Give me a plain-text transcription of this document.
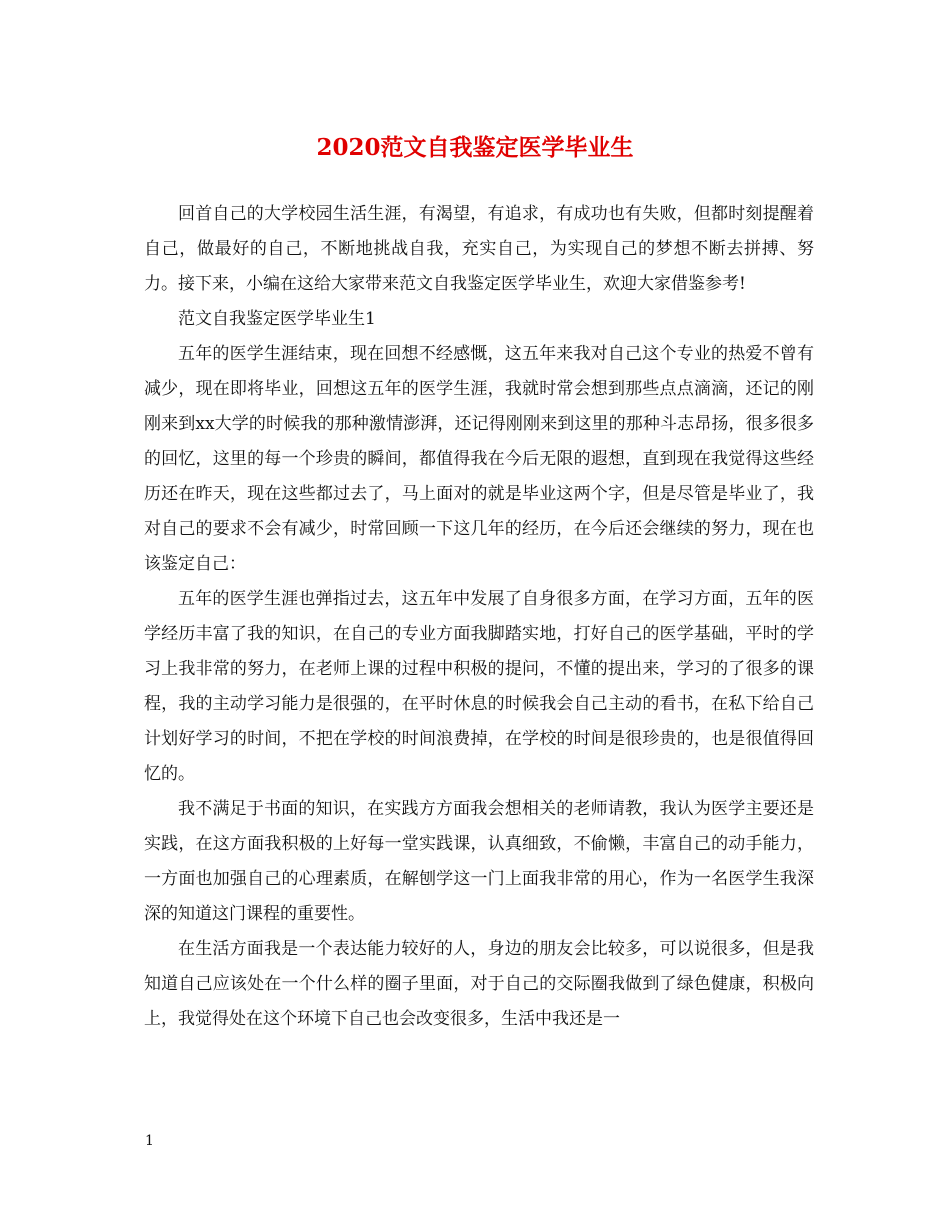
2020范文自我鉴定医学毕业生

回首自己的大学校园生活生涯，有渴望，有追求，有成功也有失败，但都时刻提醒着自己，做最好的自己，不断地挑战自我，充实自己，为实现自己的梦想不断去拼搏、努力。接下来，小编在这给大家带来范文自我鉴定医学毕业生，欢迎大家借鉴参考!

范文自我鉴定医学毕业生1

五年的医学生涯结束，现在回想不经感慨，这五年来我对自己这个专业的热爱不曾有减少，现在即将毕业，回想这五年的医学生涯，我就时常会想到那些点点滴滴，还记的刚刚来到xx大学的时候我的那种激情澎湃，还记得刚刚来到这里的那种斗志昂扬，很多很多的回忆，这里的每一个珍贵的瞬间，都值得我在今后无限的遐想，直到现在我觉得这些经历还在昨天，现在这些都过去了，马上面对的就是毕业这两个字，但是尽管是毕业了，我对自己的要求不会有减少，时常回顾一下这几年的经历，在今后还会继续的努力，现在也该鉴定自己：

五年的医学生涯也弹指过去，这五年中发展了自身很多方面，在学习方面，五年的医学经历丰富了我的知识，在自己的专业方面我脚踏实地，打好自己的医学基础，平时的学习上我非常的努力，在老师上课的过程中积极的提问，不懂的提出来，学习的了很多的课程，我的主动学习能力是很强的，在平时休息的时候我会自己主动的看书，在私下给自己计划好学习的时间，不把在学校的时间浪费掉，在学校的时间是很珍贵的，也是很值得回忆的。

我不满足于书面的知识，在实践方方面我会想相关的老师请教，我认为医学主要还是实践，在这方面我积极的上好每一堂实践课，认真细致，不偷懒，丰富自己的动手能力，一方面也加强自己的心理素质，在解刨学这一门上面我非常的用心，作为一名医学生我深深的知道这门课程的重要性。

在生活方面我是一个表达能力较好的人，身边的朋友会比较多，可以说很多，但是我知道自己应该处在一个什么样的圈子里面，对于自己的交际圈我做到了绿色健康，积极向上，我觉得处在这个环境下自己也会改变很多，生活中我还是一

1
